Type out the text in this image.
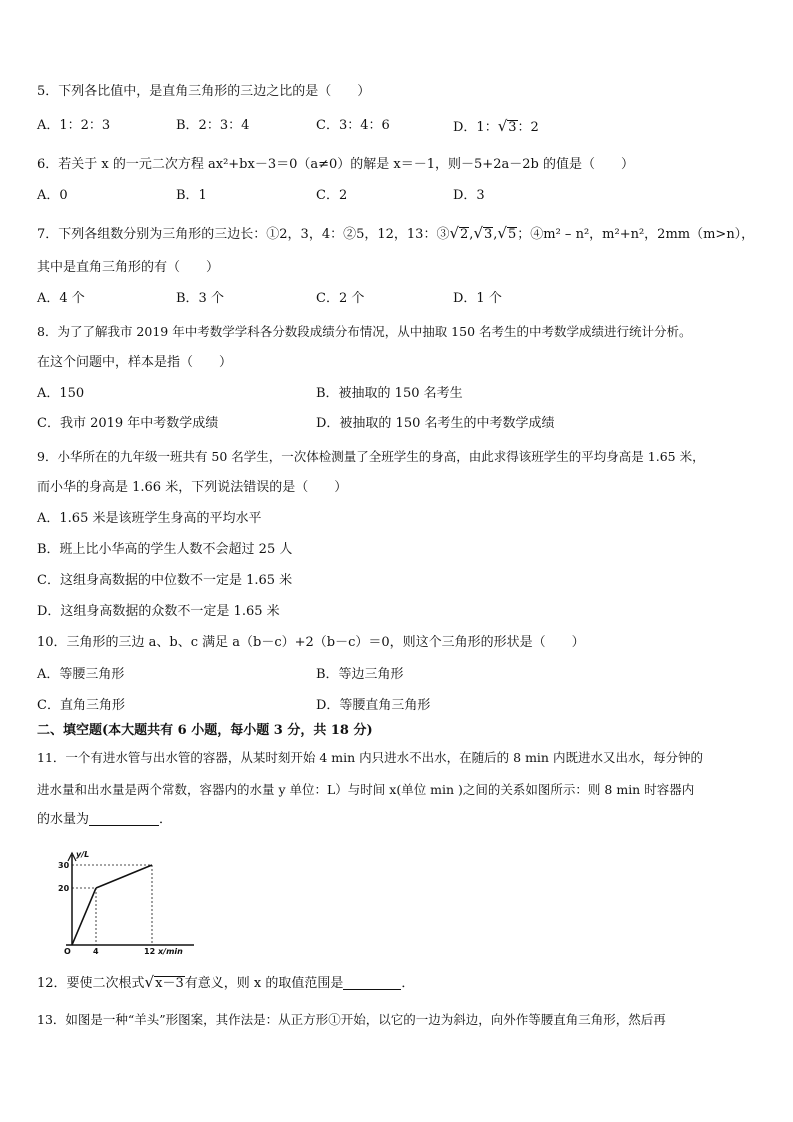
5．下列各比值中，是直角三角形的三边之比的是（　　）
A．1：2：3	B．2：3：4	C．3：4：6	D．1：√3：2
6．若关于 x 的一元二次方程 ax²+bx－3＝0（a≠0）的解是 x＝－1，则－5+2a－2b 的值是（　　）
A．0	B．1	C．2	D．3
7．下列各组数分别为三角形的三边长：①2，3，4：②5，12，13：③√2,√3,√5；④m² – n²，m²+n²，2mm（m>n），
其中是直角三角形的有（　　）
A．4 个	B．3 个	C．2 个	D．1 个
8．为了了解我市 2019 年中考数学学科各分数段成绩分布情况，从中抽取 150 名考生的中考数学成绩进行统计分析。
在这个问题中，样本是指（　　）
A．150	B．被抽取的 150 名考生
C．我市 2019 年中考数学成绩	D．被抽取的 150 名考生的中考数学成绩
9．小华所在的九年级一班共有 50 名学生，一次体检测量了全班学生的身高，由此求得该班学生的平均身高是 1.65 米，
而小华的身高是 1.66 米，下列说法错误的是（　　）
A．1.65 米是该班学生身高的平均水平
B．班上比小华高的学生人数不会超过 25 人
C．这组身高数据的中位数不一定是 1.65 米
D．这组身高数据的众数不一定是 1.65 米
10．三角形的三边 a、b、c 满足 a（b－c）+2（b－c）＝0，则这个三角形的形状是（　　）
A．等腰三角形	B．等边三角形
C．直角三角形	D．等腰直角三角形
二、填空题(本大题共有 6 小题，每小题 3 分，共 18 分)
11．一个有进水管与出水管的容器，从某时刻开始 4 min 内只进水不出水，在随后的 8 min 内既进水又出水，每分钟的
进水量和出水量是两个常数，容器内的水量 y 单位：L）与时间 x(单位 min )之间的关系如图所示：则 8 min 时容器内
的水量为	．
30
20
y/L
4	12 x/min
O
12．要使二次根式√x－3有意义，则 x 的取值范围是	．
13．如图是一种“羊头”形图案，其作法是：从正方形①开始，以它的一边为斜边，向外作等腰直角三角形，然后再
